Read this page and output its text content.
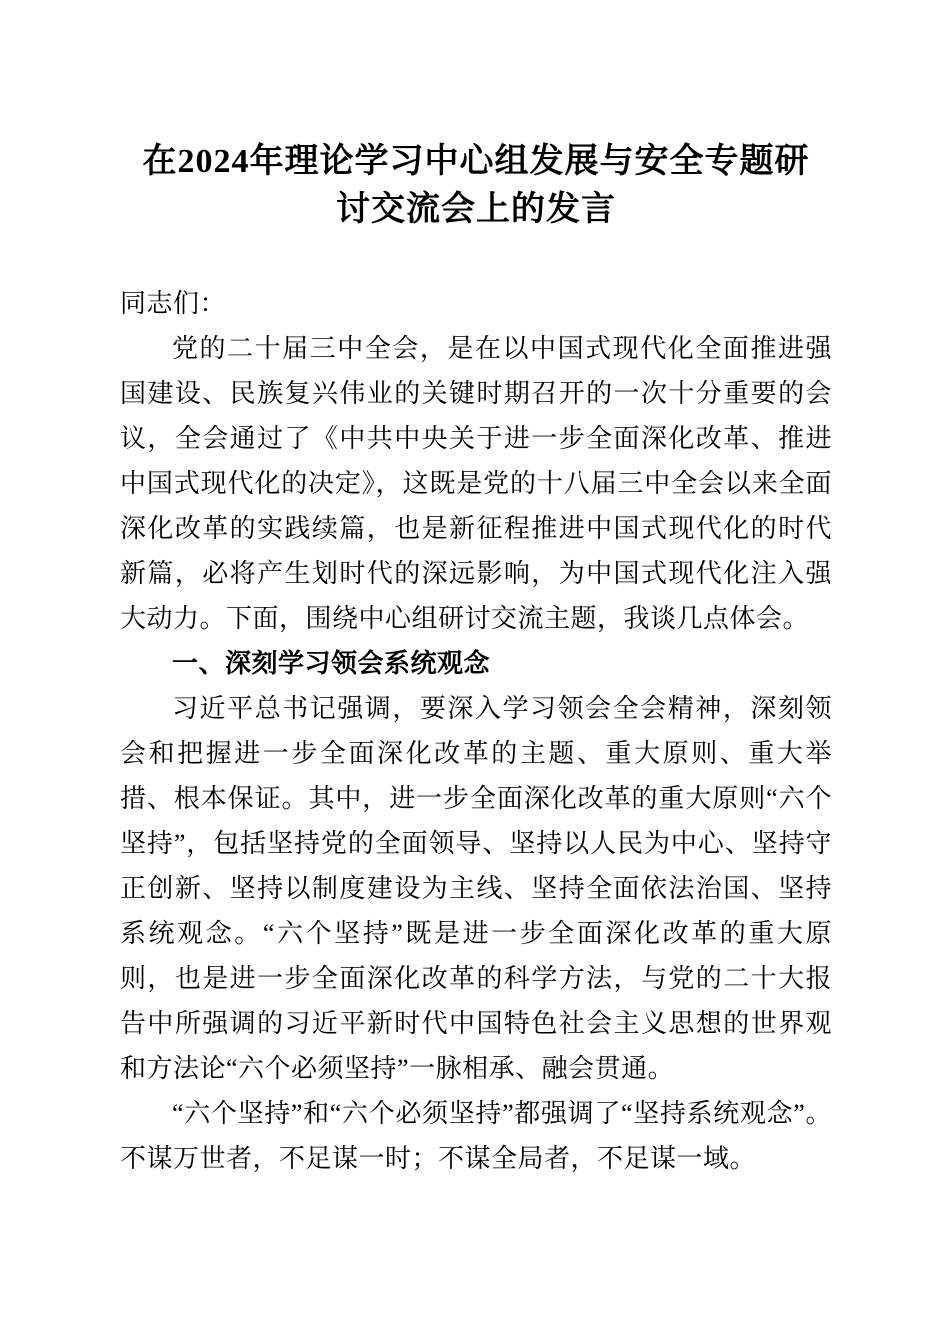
在2024年理论学习中心组发展与安全专题研讨交流会上的发言

同志们：

党的二十届三中全会，是在以中国式现代化全面推进强国建设、民族复兴伟业的关键时期召开的一次十分重要的会议，全会通过了《中共中央关于进一步全面深化改革、推进中国式现代化的决定》，这既是党的十八届三中全会以来全面深化改革的实践续篇，也是新征程推进中国式现代化的时代新篇，必将产生划时代的深远影响，为中国式现代化注入强大动力。下面，围绕中心组研讨交流主题，我谈几点体会。

一、深刻学习领会系统观念

习近平总书记强调，要深入学习领会全会精神，深刻领会和把握进一步全面深化改革的主题、重大原则、重大举措、根本保证。其中，进一步全面深化改革的重大原则“六个坚持”，包括坚持党的全面领导、坚持以人民为中心、坚持守正创新、坚持以制度建设为主线、坚持全面依法治国、坚持系统观念。“六个坚持”既是进一步全面深化改革的重大原则，也是进一步全面深化改革的科学方法，与党的二十大报告中所强调的习近平新时代中国特色社会主义思想的世界观和方法论“六个必须坚持”一脉相承、融会贯通。

“六个坚持”和“六个必须坚持”都强调了“坚持系统观念”。不谋万世者，不足谋一时；不谋全局者，不足谋一域。
